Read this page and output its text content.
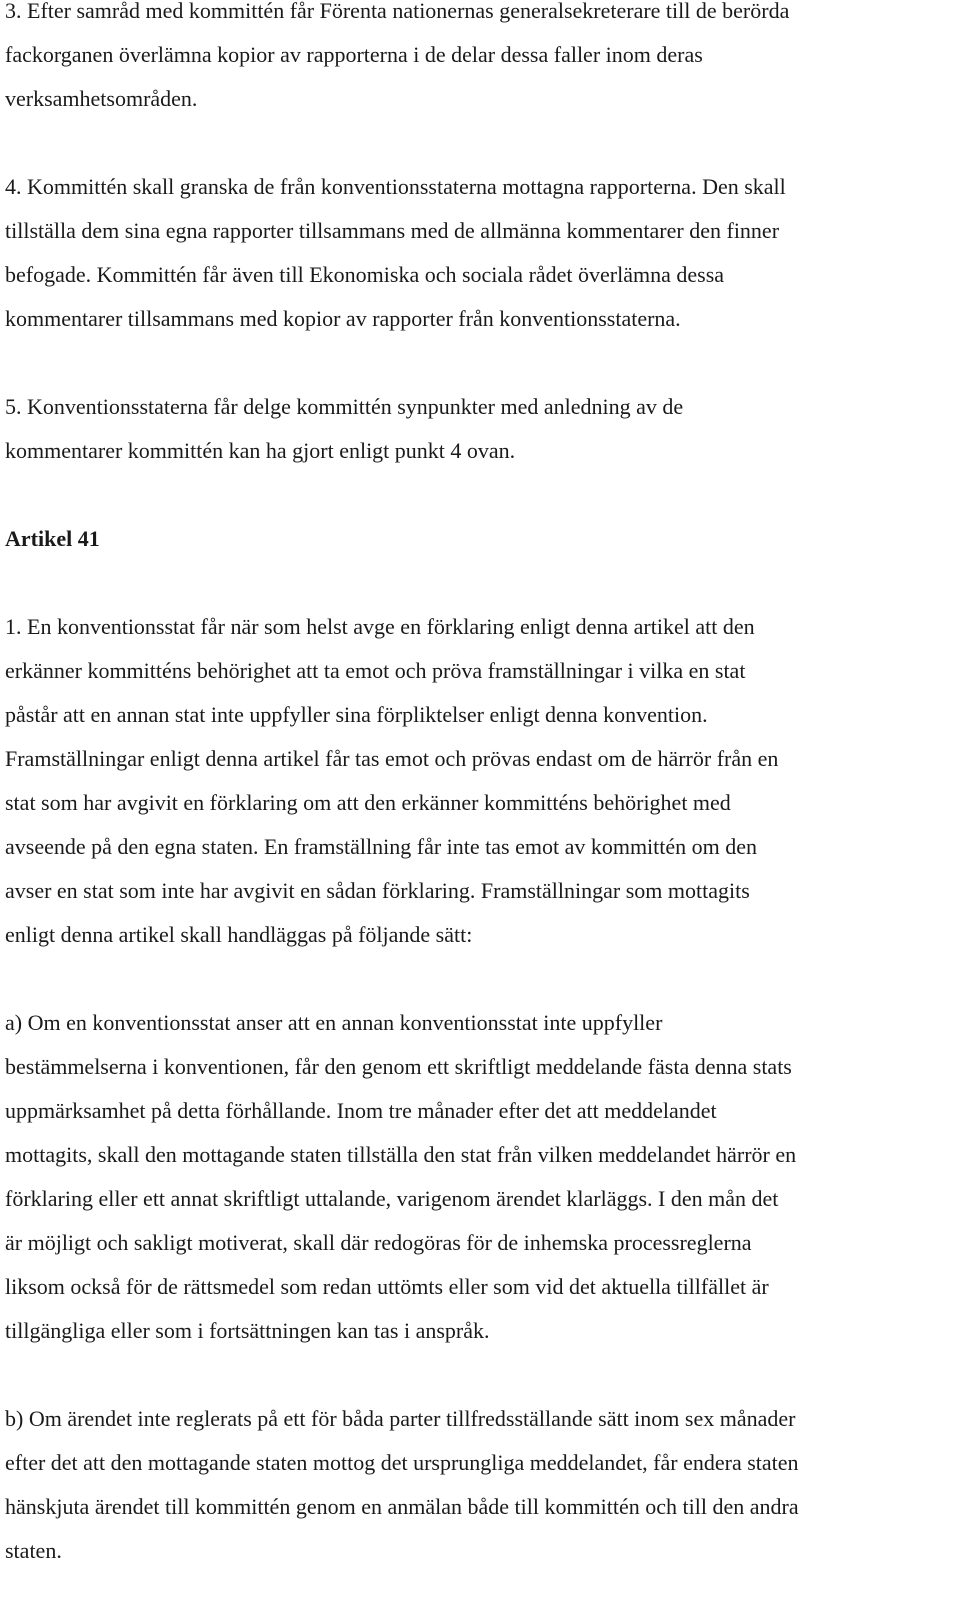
3. Efter samråd med kommittén får Förenta nationernas generalsekreterare till de berörda
fackorganen överlämna kopior av rapporterna i de delar dessa faller inom deras
verksamhetsområden.
4. Kommittén skall granska de från konventionsstaterna mottagna rapporterna. Den skall
tillställa dem sina egna rapporter tillsammans med de allmänna kommentarer den finner
befogade. Kommittén får även till Ekonomiska och sociala rådet överlämna dessa
kommentarer tillsammans med kopior av rapporter från konventionsstaterna.
5. Konventionsstaterna får delge kommittén synpunkter med anledning av de
kommentarer kommittén kan ha gjort enligt punkt 4 ovan.
Artikel 41
1. En konventionsstat får när som helst avge en förklaring enligt denna artikel att den
erkänner kommitténs behörighet att ta emot och pröva framställningar i vilka en stat
påstår att en annan stat inte uppfyller sina förpliktelser enligt denna konvention.
Framställningar enligt denna artikel får tas emot och prövas endast om de härrör från en
stat som har avgivit en förklaring om att den erkänner kommitténs behörighet med
avseende på den egna staten. En framställning får inte tas emot av kommittén om den
avser en stat som inte har avgivit en sådan förklaring. Framställningar som mottagits
enligt denna artikel skall handläggas på följande sätt:
a) Om en konventionsstat anser att en annan konventionsstat inte uppfyller
bestämmelserna i konventionen, får den genom ett skriftligt meddelande fästa denna stats
uppmärksamhet på detta förhållande. Inom tre månader efter det att meddelandet
mottagits, skall den mottagande staten tillställa den stat från vilken meddelandet härrör en
förklaring eller ett annat skriftligt uttalande, varigenom ärendet klarläggs. I den mån det
är möjligt och sakligt motiverat, skall där redogöras för de inhemska processreglerna
liksom också för de rättsmedel som redan uttömts eller som vid det aktuella tillfället är
tillgängliga eller som i fortsättningen kan tas i anspråk.
b) Om ärendet inte reglerats på ett för båda parter tillfredsställande sätt inom sex månader
efter det att den mottagande staten mottog det ursprungliga meddelandet, får endera staten
hänskjuta ärendet till kommittén genom en anmälan både till kommittén och till den andra
staten.
